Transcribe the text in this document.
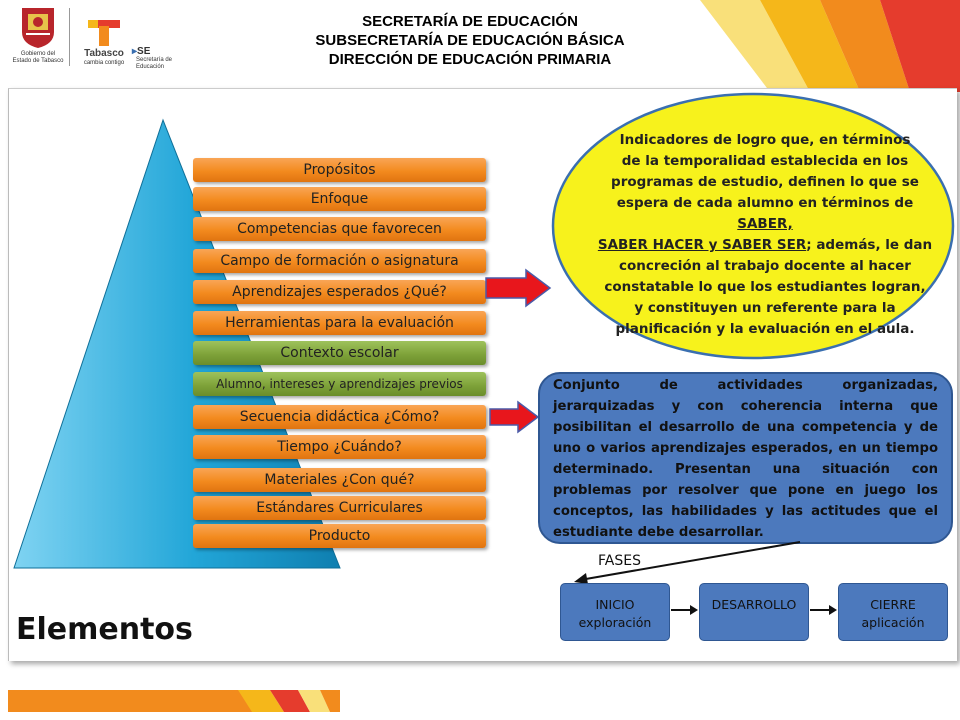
Gobierno del
Estado de Tabasco
Tabasco
cambia contigo
▸SE
Secretaría de
Educación
SECRETARÍA DE EDUCACIÓN
SUBSECRETARÍA DE EDUCACIÓN BÁSICA
DIRECCIÓN DE EDUCACIÓN PRIMARIA
Propósitos
Enfoque
Competencias que favorecen
Campo de formación o asignatura
Aprendizajes esperados ¿Qué?
Herramientas para la evaluación
Contexto escolar
Alumno, intereses y aprendizajes previos
Secuencia didáctica ¿Cómo?
Tiempo ¿Cuándo?
Materiales ¿Con qué?
Estándares Curriculares
Producto
Indicadores de logro que, en términos
de la temporalidad establecida en los
programas de estudio, definen lo que se
espera de cada alumno en términos de SABER,
SABER HACER y SABER SER; además, le dan
concreción al trabajo docente al hacer
constatable lo que los estudiantes logran,
y constituyen un referente para la
planificación y la evaluación en el aula.
Conjunto de actividades organizadas, jerarquizadas y con coherencia interna que posibilitan el desarrollo de una competencia y de uno o varios aprendizajes esperados, en un tiempo determinado. Presentan una situación con problemas por resolver que pone en juego los conceptos, las habilidades y las actitudes que el estudiante debe desarrollar.
FASES
INICIO
exploración
DESARROLLO	CIERRE
aplicación
Elementos
